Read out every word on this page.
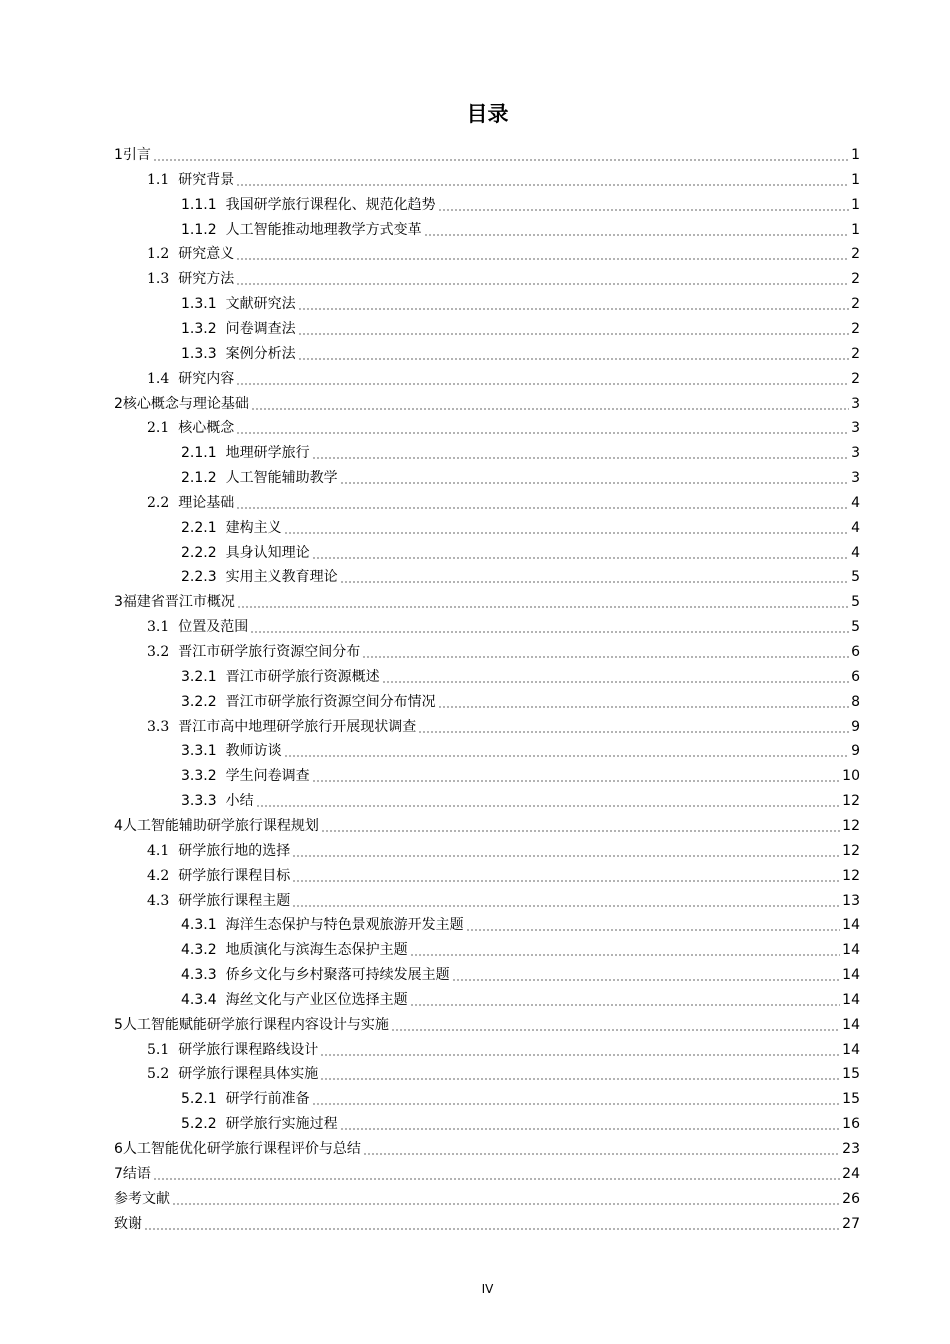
目录
1 引言	1
1.1 研究背景	1
1.1.1 我国研学旅行课程化、规范化趋势	1
1.1.2 人工智能推动地理教学方式变革	1
1.2 研究意义	2
1.3 研究方法	2
1.3.1 文献研究法	2
1.3.2 问卷调查法	2
1.3.3 案例分析法	2
1.4 研究内容	2
2 核心概念与理论基础	3
2.1 核心概念	3
2.1.1 地理研学旅行	3
2.1.2 人工智能辅助教学	3
2.2 理论基础	4
2.2.1 建构主义	4
2.2.2 具身认知理论	4
2.2.3 实用主义教育理论	5
3 福建省晋江市概况	5
3.1 位置及范围	5
3.2 晋江市研学旅行资源空间分布	6
3.2.1 晋江市研学旅行资源概述	6
3.2.2 晋江市研学旅行资源空间分布情况	8
3.3 晋江市高中地理研学旅行开展现状调查	9
3.3.1 教师访谈	9
3.3.2 学生问卷调查	10
3.3.3 小结	12
4 人工智能辅助研学旅行课程规划	12
4.1 研学旅行地的选择	12
4.2 研学旅行课程目标	12
4.3 研学旅行课程主题	13
4.3.1 海洋生态保护与特色景观旅游开发主题	14
4.3.2 地质演化与滨海生态保护主题	14
4.3.3 侨乡文化与乡村聚落可持续发展主题	14
4.3.4 海丝文化与产业区位选择主题	14
5 人工智能赋能研学旅行课程内容设计与实施	14
5.1 研学旅行课程路线设计	14
5.2 研学旅行课程具体实施	15
5.2.1 研学行前准备	15
5.2.2 研学旅行实施过程	16
6 人工智能优化研学旅行课程评价与总结	23
7 结语	24
参考文献	26
致谢	27
IV
